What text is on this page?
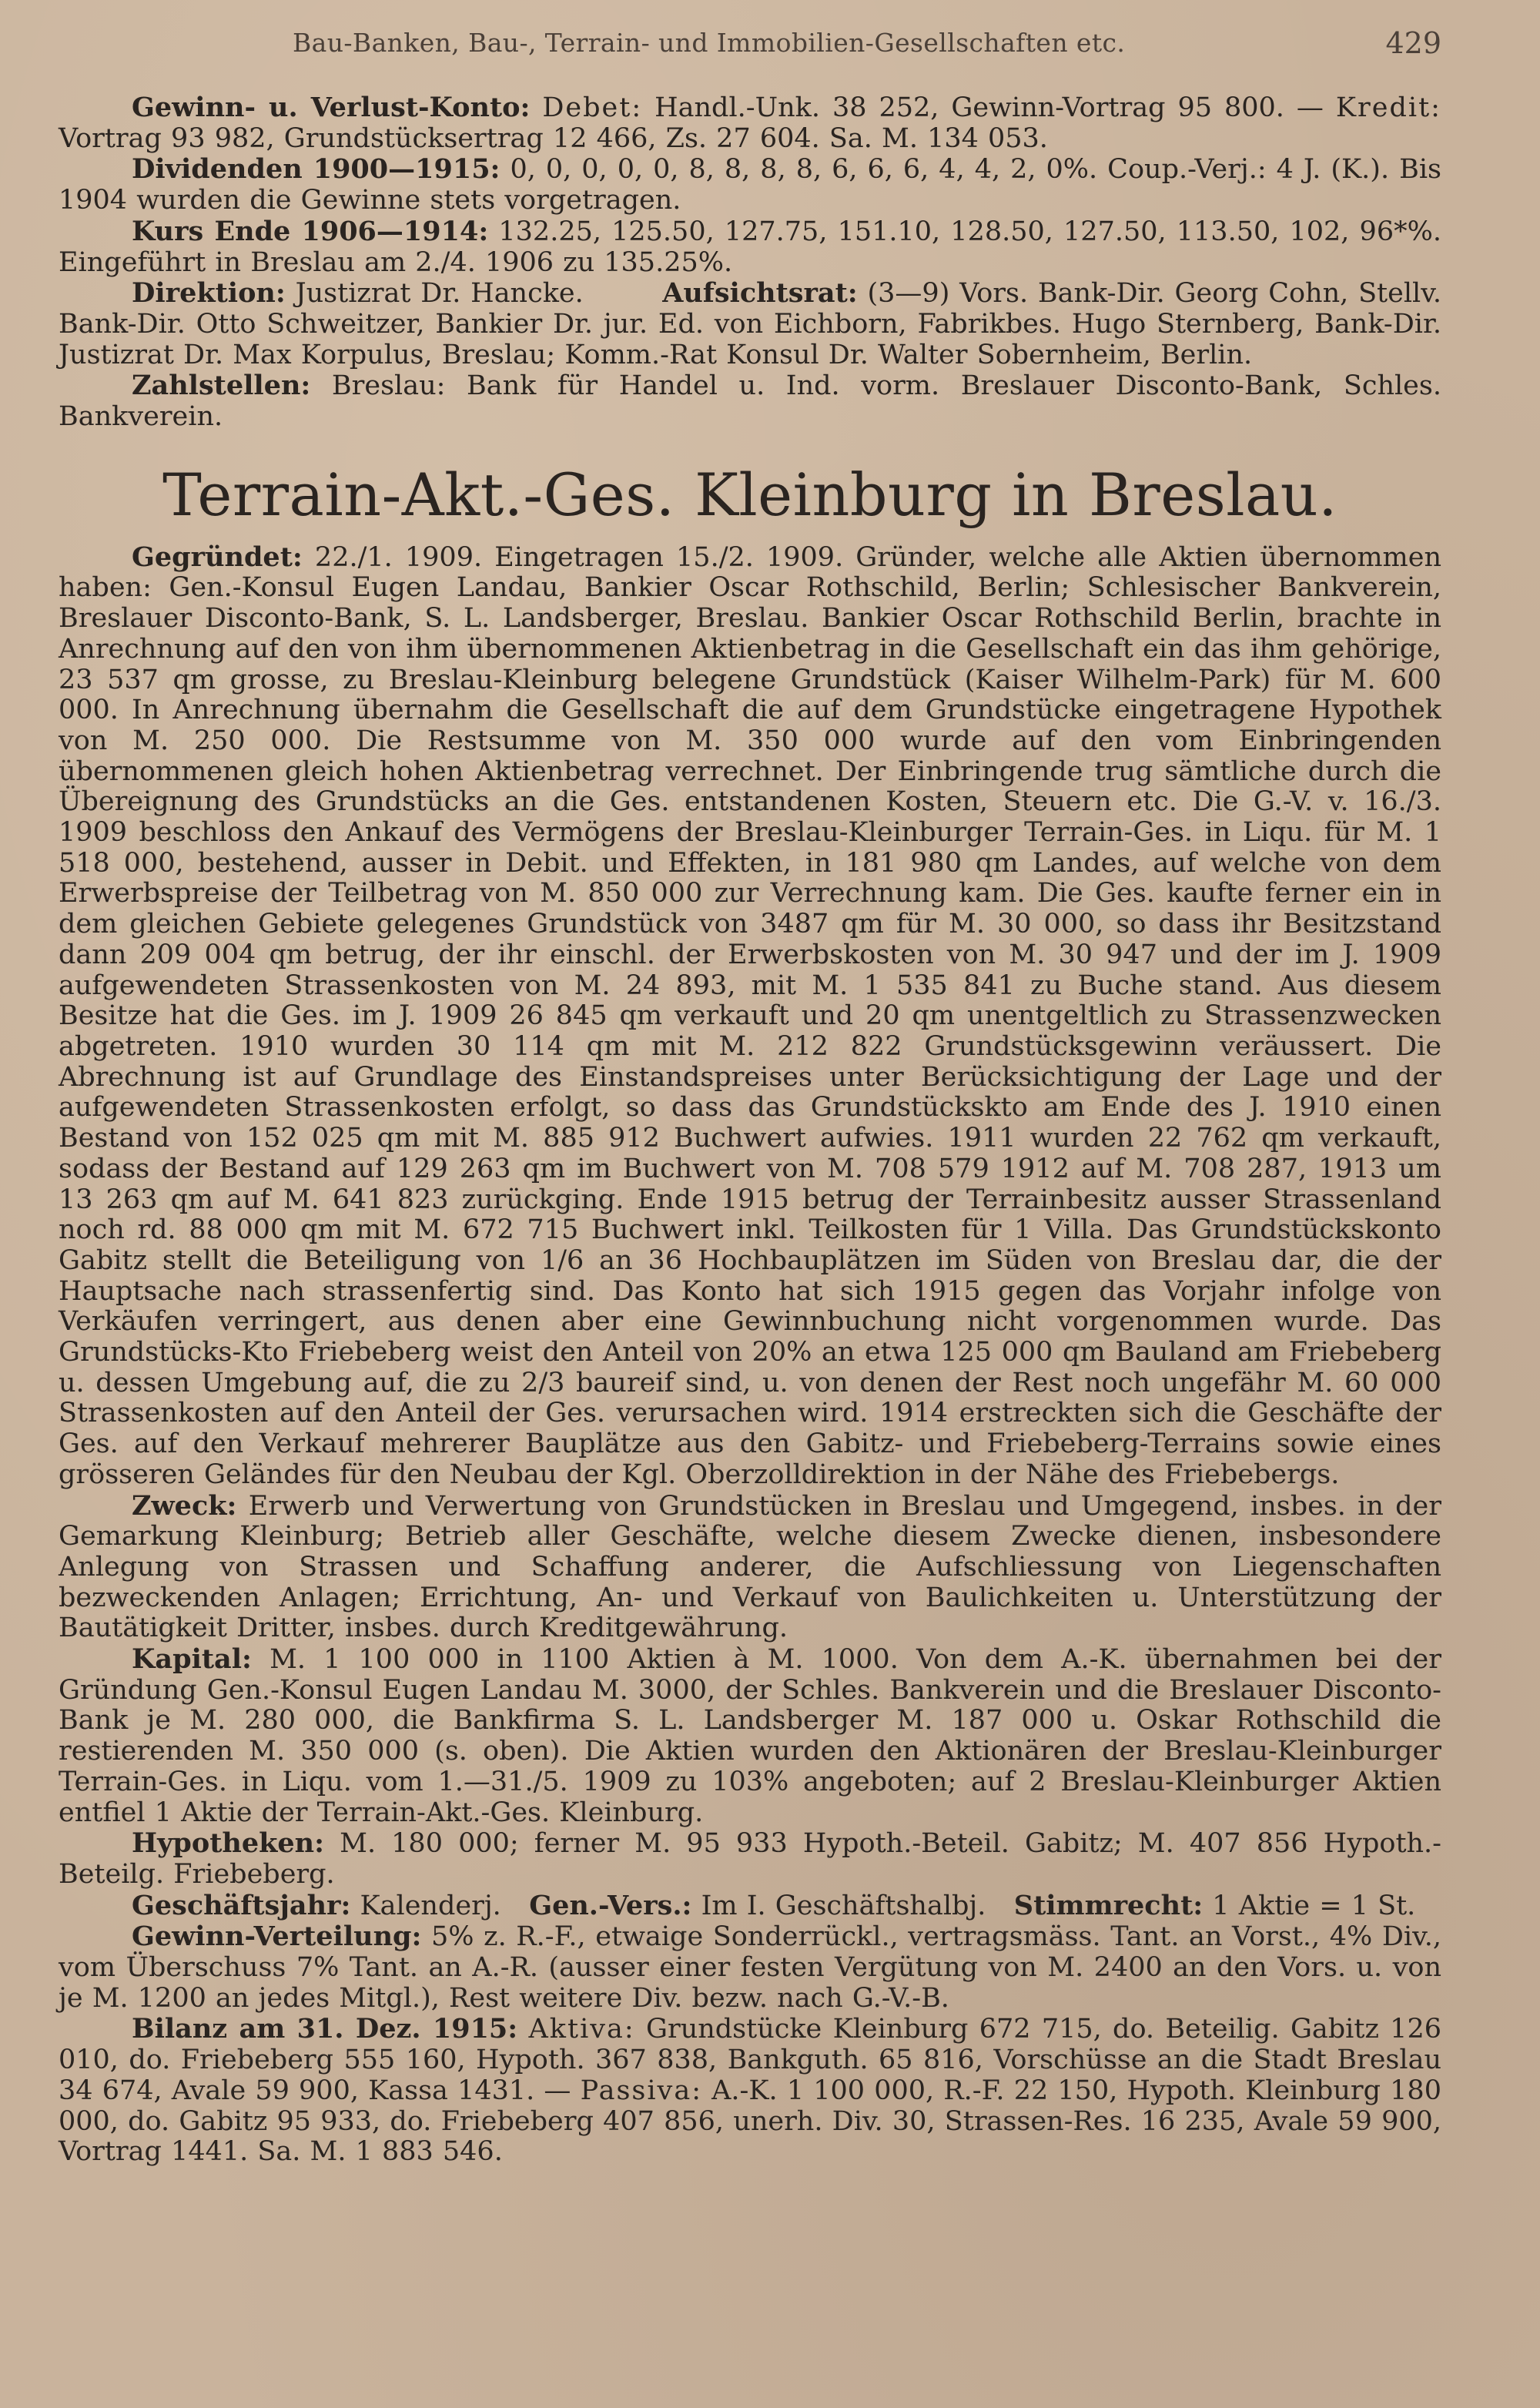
Bau-Banken, Bau-, Terrain- und Immobilien-Gesellschaften etc.	429

Gewinn- u. Verlust-Konto: Debet: Handl.-Unk. 38 252, Gewinn-Vortrag 95 800. — Kredit: Vortrag 93 982, Grundstücksertrag 12 466, Zs. 27 604. Sa. M. 134 053.

Dividenden 1900—1915: 0, 0, 0, 0, 0, 8, 8, 8, 8, 6, 6, 6, 4, 4, 2, 0%. Coup.-Verj.: 4 J. (K.). Bis 1904 wurden die Gewinne stets vorgetragen.

Kurs Ende 1906—1914: 132.25, 125.50, 127.75, 151.10, 128.50, 127.50, 113.50, 102, 96*%. Eingeführt in Breslau am 2./4. 1906 zu 135.25%.

Direktion: Justizrat Dr. Hancke.	Aufsichtsrat: (3—9) Vors. Bank-Dir. Georg Cohn, Stellv. Bank-Dir. Otto Schweitzer, Bankier Dr. jur. Ed. von Eichborn, Fabrikbes. Hugo Sternberg, Bank-Dir. Justizrat Dr. Max Korpulus, Breslau; Komm.-Rat Konsul Dr. Walter Sobernheim, Berlin.

Zahlstellen: Breslau: Bank für Handel u. Ind. vorm. Breslauer Disconto-Bank, Schles. Bankverein.

Terrain-Akt.-Ges. Kleinburg in Breslau.

Gegründet: 22./1. 1909. Eingetragen 15./2. 1909. Gründer, welche alle Aktien übernommen haben: Gen.-Konsul Eugen Landau, Bankier Oscar Rothschild, Berlin; Schlesischer Bankverein, Breslauer Disconto-Bank, S. L. Landsberger, Breslau. Bankier Oscar Rothschild Berlin, brachte in Anrechnung auf den von ihm übernommenen Aktienbetrag in die Gesellschaft ein das ihm gehörige, 23 537 qm grosse, zu Breslau-Kleinburg belegene Grundstück (Kaiser Wilhelm-Park) für M. 600 000. In Anrechnung übernahm die Gesellschaft die auf dem Grundstücke eingetragene Hypothek von M. 250 000. Die Restsumme von M. 350 000 wurde auf den vom Einbringenden übernommenen gleich hohen Aktienbetrag verrechnet. Der Einbringende trug sämtliche durch die Übereignung des Grundstücks an die Ges. entstandenen Kosten, Steuern etc. Die G.-V. v. 16./3. 1909 beschloss den Ankauf des Vermögens der Breslau-Kleinburger Terrain-Ges. in Liqu. für M. 1 518 000, bestehend, ausser in Debit. und Effekten, in 181 980 qm Landes, auf welche von dem Erwerbspreise der Teilbetrag von M. 850 000 zur Verrechnung kam. Die Ges. kaufte ferner ein in dem gleichen Gebiete gelegenes Grundstück von 3487 qm für M. 30 000, so dass ihr Besitzstand dann 209 004 qm betrug, der ihr einschl. der Erwerbskosten von M. 30 947 und der im J. 1909 aufgewendeten Strassenkosten von M. 24 893, mit M. 1 535 841 zu Buche stand. Aus diesem Besitze hat die Ges. im J. 1909 26 845 qm verkauft und 20 qm unentgeltlich zu Strassenzwecken abgetreten. 1910 wurden 30 114 qm mit M. 212 822 Grundstücksgewinn veräussert. Die Abrechnung ist auf Grundlage des Einstandspreises unter Berücksichtigung der Lage und der aufgewendeten Strassenkosten erfolgt, so dass das Grundstückskto am Ende des J. 1910 einen Bestand von 152 025 qm mit M. 885 912 Buchwert aufwies. 1911 wurden 22 762 qm verkauft, sodass der Bestand auf 129 263 qm im Buchwert von M. 708 579 1912 auf M. 708 287, 1913 um 13 263 qm auf M. 641 823 zurückging. Ende 1915 betrug der Terrainbesitz ausser Strassenland noch rd. 88 000 qm mit M. 672 715 Buchwert inkl. Teilkosten für 1 Villa. Das Grundstückskonto Gabitz stellt die Beteiligung von 1/6 an 36 Hochbauplätzen im Süden von Breslau dar, die der Hauptsache nach strassenfertig sind. Das Konto hat sich 1915 gegen das Vorjahr infolge von Verkäufen verringert, aus denen aber eine Gewinnbuchung nicht vorgenommen wurde. Das Grundstücks-Kto Friebeberg weist den Anteil von 20% an etwa 125 000 qm Bauland am Friebeberg u. dessen Umgebung auf, die zu 2/3 baureif sind, u. von denen der Rest noch ungefähr M. 60 000 Strassenkosten auf den Anteil der Ges. verursachen wird. 1914 erstreckten sich die Geschäfte der Ges. auf den Verkauf mehrerer Bauplätze aus den Gabitz- und Friebeberg-Terrains sowie eines grösseren Geländes für den Neubau der Kgl. Oberzolldirektion in der Nähe des Friebebergs.

Zweck: Erwerb und Verwertung von Grundstücken in Breslau und Umgegend, insbes. in der Gemarkung Kleinburg; Betrieb aller Geschäfte, welche diesem Zwecke dienen, insbesondere Anlegung von Strassen und Schaffung anderer, die Aufschliessung von Liegenschaften bezweckenden Anlagen; Errichtung, An- und Verkauf von Baulichkeiten u. Unterstützung der Bautätigkeit Dritter, insbes. durch Kreditgewährung.

Kapital: M. 1 100 000 in 1100 Aktien à M. 1000. Von dem A.-K. übernahmen bei der Gründung Gen.-Konsul Eugen Landau M. 3000, der Schles. Bankverein und die Breslauer Disconto-Bank je M. 280 000, die Bankfirma S. L. Landsberger M. 187 000 u. Oskar Rothschild die restierenden M. 350 000 (s. oben). Die Aktien wurden den Aktionären der Breslau-Kleinburger Terrain-Ges. in Liqu. vom 1.—31./5. 1909 zu 103% angeboten; auf 2 Breslau-Kleinburger Aktien entfiel 1 Aktie der Terrain-Akt.-Ges. Kleinburg.

Hypotheken: M. 180 000; ferner M. 95 933 Hypoth.-Beteil. Gabitz; M. 407 856 Hypoth.-Beteilg. Friebeberg.

Geschäftsjahr: Kalenderj. Gen.-Vers.: Im I. Geschäftshalbj. Stimmrecht: 1 Aktie = 1 St.

Gewinn-Verteilung: 5% z. R.-F., etwaige Sonderrückl., vertragsmäss. Tant. an Vorst., 4% Div., vom Überschuss 7% Tant. an A.-R. (ausser einer festen Vergütung von M. 2400 an den Vors. u. von je M. 1200 an jedes Mitgl.), Rest weitere Div. bezw. nach G.-V.-B.

Bilanz am 31. Dez. 1915: Aktiva: Grundstücke Kleinburg 672 715, do. Beteilig. Gabitz 126 010, do. Friebeberg 555 160, Hypoth. 367 838, Bankguth. 65 816, Vorschüsse an die Stadt Breslau 34 674, Avale 59 900, Kassa 1431. — Passiva: A.-K. 1 100 000, R.-F. 22 150, Hypoth. Kleinburg 180 000, do. Gabitz 95 933, do. Friebeberg 407 856, unerh. Div. 30, Strassen-Res. 16 235, Avale 59 900, Vortrag 1441. Sa. M. 1 883 546.
